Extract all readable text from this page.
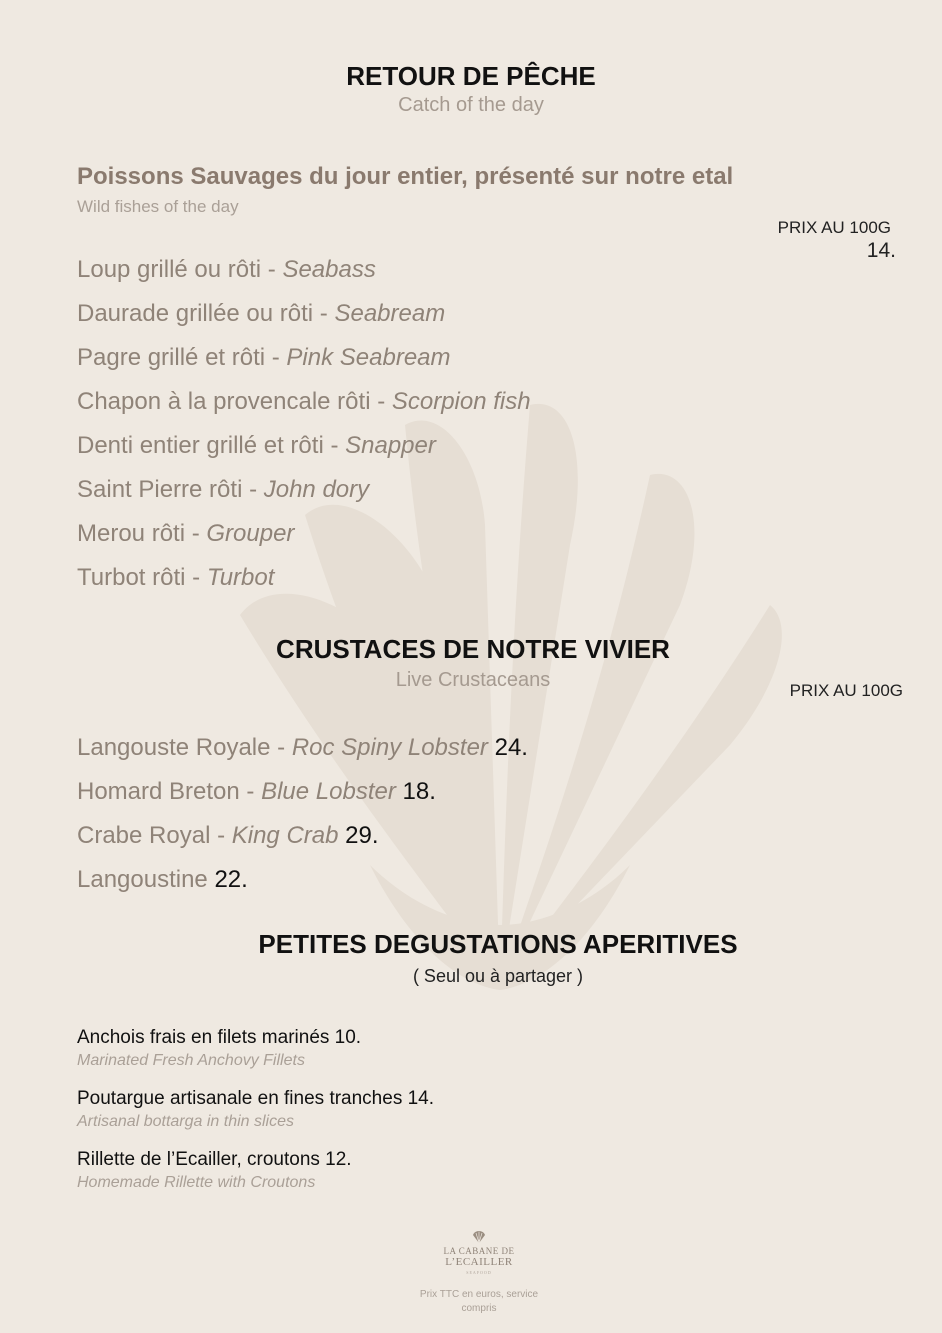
RETOUR DE PÊCHE
Catch of the day
Poissons Sauvages du jour entier, présenté sur notre etal
Wild fishes of the day
PRIX AU 100G
14.
Loup grillé ou rôti - Seabass
Daurade grillée ou rôti - Seabream
Pagre grillé et rôti - Pink Seabream
Chapon à la provencale rôti - Scorpion fish
Denti entier grillé et rôti - Snapper
Saint Pierre rôti - John dory
Merou rôti - Grouper
Turbot rôti - Turbot
CRUSTACES DE NOTRE VIVIER
Live Crustaceans	PRIX AU 100G
Langouste Royale - Roc Spiny Lobster 24.
Homard Breton - Blue Lobster 18.
Crabe Royal - King Crab 29.
Langoustine 22.
PETITES DEGUSTATIONS APERITIVES
( Seul ou à partager )
Anchois frais en filets marinés 10.
Marinated Fresh Anchovy Fillets
Poutargue artisanale en fines tranches 14.
Artisanal bottarga in thin slices
Rillette de l’Ecailler, croutons 12.
Homemade Rillette with Croutons
LA CABANE DE
L’ECAILLER
SEAFOOD
Prix TTC en euros, service
compris
